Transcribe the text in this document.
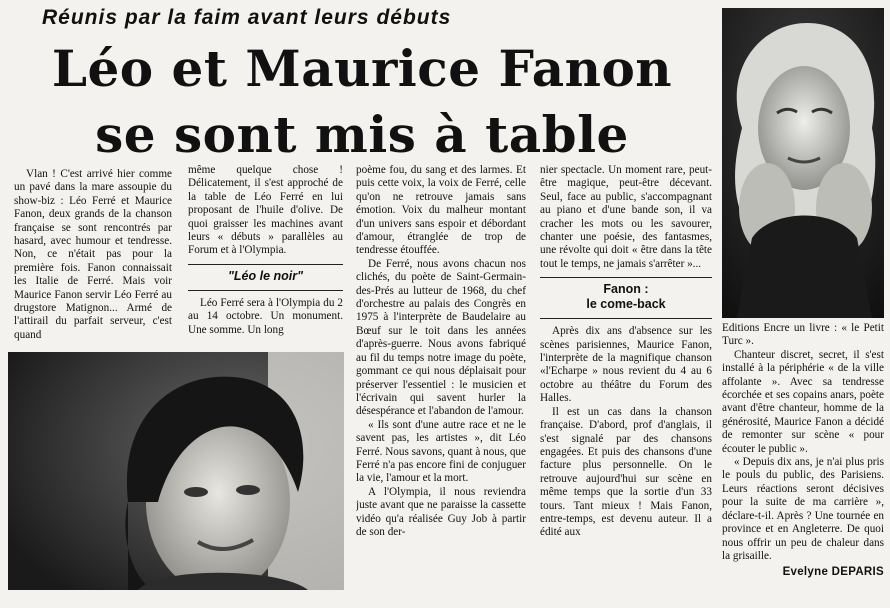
Réunis par la faim avant leurs débuts
Léo et Maurice Fanon
se sont mis à table

Vlan ! C'est arrivé hier comme un pavé dans la mare assoupie du show-biz : Léo Ferré et Maurice Fanon, deux grands de la chanson française se sont rencontrés par hasard, avec humour et tendresse. Non, ce n'était pas pour la première fois. Fanon connaissait les Italie de Ferré. Mais voir Maurice Fanon servir Léo Ferré au drugstore Matignon... Armé de l'attirail du parfait serveur, c'est quand

même quelque chose ! Délicatement, il s'est approché de la table de Léo Ferré en lui proposant de l'huile d'olive. De quoi graisser les machines avant leurs « débuts » parallèles au Forum et à l'Olympia.

"Léo le noir"

Léo Ferré sera à l'Olympia du 2 au 14 octobre. Un monument. Une somme. Un long

poème fou, du sang et des larmes. Et puis cette voix, la voix de Ferré, celle qu'on ne retrouve jamais sans émotion. Voix du malheur montant d'un univers sans espoir et débordant d'amour, étranglée de trop de tendresse étouffée.

De Ferré, nous avons chacun nos clichés, du poète de Saint-Germain-des-Prés au lutteur de 1968, du chef d'orchestre au palais des Congrès en 1975 à l'interprète de Baudelaire au Bœuf sur le toit dans les années d'après-guerre. Nous avons fabriqué au fil du temps notre image du poète, gommant ce qui nous déplaisait pour préserver l'essentiel : le musicien et l'écrivain qui savent hurler la désespérance et l'abandon de l'amour.

« Ils sont d'une autre race et ne le savent pas, les artistes », dit Léo Ferré. Nous savons, quant à nous, que Ferré n'a pas encore fini de conjuguer la vie, l'amour et la mort.

A l'Olympia, il nous reviendra juste avant que ne paraisse la cassette vidéo qu'a réalisée Guy Job à partir de son der-

nier spectacle. Un moment rare, peut-être magique, peut-être décevant. Seul, face au public, s'accompagnant au piano et d'une bande son, il va cracher les mots ou les savourer, chanter une poésie, des fantasmes, une révolte qui doit « être dans la tête tout le temps, ne jamais s'arrêter »...

Fanon :
le come-back

Après dix ans d'absence sur les scènes parisiennes, Maurice Fanon, l'interprète de la magnifique chanson «l'Echarpe » nous revient du 4 au 6 octobre au théâtre du Forum des Halles.

Il est un cas dans la chanson française. D'abord, prof d'anglais, il s'est signalé par des chansons engagées. Et puis des chansons d'une facture plus personnelle. On le retrouve aujourd'hui sur scène en même temps que la sortie d'un 33 tours. Tant mieux ! Mais Fanon, entre-temps, est devenu auteur. Il a édité aux

Editions Encre un livre : « le Petit Turc ».

Chanteur discret, secret, il s'est installé à la périphérie « de la ville affolante ». Avec sa tendresse écorchée et ses copains anars, poète avant d'être chanteur, homme de la générosité, Maurice Fanon a décidé de remonter sur scène « pour écouter le public ».

« Depuis dix ans, je n'ai plus pris le pouls du public, des Parisiens. Leurs réactions seront décisives pour la suite de ma carrière », déclare-t-il. Après ? Une tournée en province et en Angleterre. De quoi nous offrir un peu de chaleur dans la grisaille.

Evelyne DEPARIS
